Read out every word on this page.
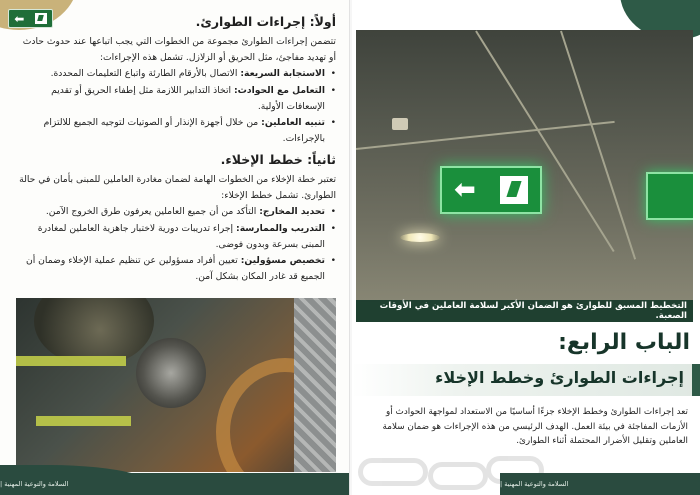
⬅	أولاً: إجراءات الطوارئ.

تتضمن إجراءات الطوارئ مجموعة من الخطوات التي يجب اتباعها عند حدوث حادث أو تهديد مفاجئ، مثل الحريق أو الزلازل. تشمل هذه الإجراءات:

• الاستجابة السريعة: الاتصال بالأرقام الطارئة واتباع التعليمات المحددة.
• التعامل مع الحوادث: اتخاذ التدابير اللازمة مثل إطفاء الحريق أو تقديم الإسعافات الأولية.
• تنبيه العاملين: من خلال أجهزة الإنذار أو الصوتيات لتوجيه الجميع للالتزام بالإجراءات.

ثانياً: خطط الإخلاء.

تعتبر خطة الإخلاء من الخطوات الهامة لضمان مغادرة العاملين للمبنى بأمان في حالة الطوارئ. تشمل خطط الإخلاء:

• تحديد المخارج: التأكد من أن جميع العاملين يعرفون طرق الخروج الآمن.
• التدريب والممارسة: إجراء تدريبات دورية لاختبار جاهزية العاملين لمغادرة المبنى بسرعة وبدون فوضى.
• تخصيص مسؤولين: تعيين أفراد مسؤولين عن تنظيم عملية الإخلاء وضمان أن الجميع قد غادر المكان بشكل آمن.
السلامة والتوعية المهنية |
⬅
التخطيط المسبق للطوارئ هو الضمان الأكبر لسلامة العاملين في الأوقات الصعبة.
الباب الرابع:
إجراءات الطوارئ وخطط الإخلاء
تعد إجراءات الطوارئ وخطط الإخلاء جزءًا أساسيًا من الاستعداد لمواجهة الحوادث أو الأزمات المفاجئة في بيئة العمل. الهدف الرئيسي من هذه الإجراءات هو ضمان سلامة العاملين وتقليل الأضرار المحتملة أثناء الطوارئ.
السلامة والتوعية المهنية |
